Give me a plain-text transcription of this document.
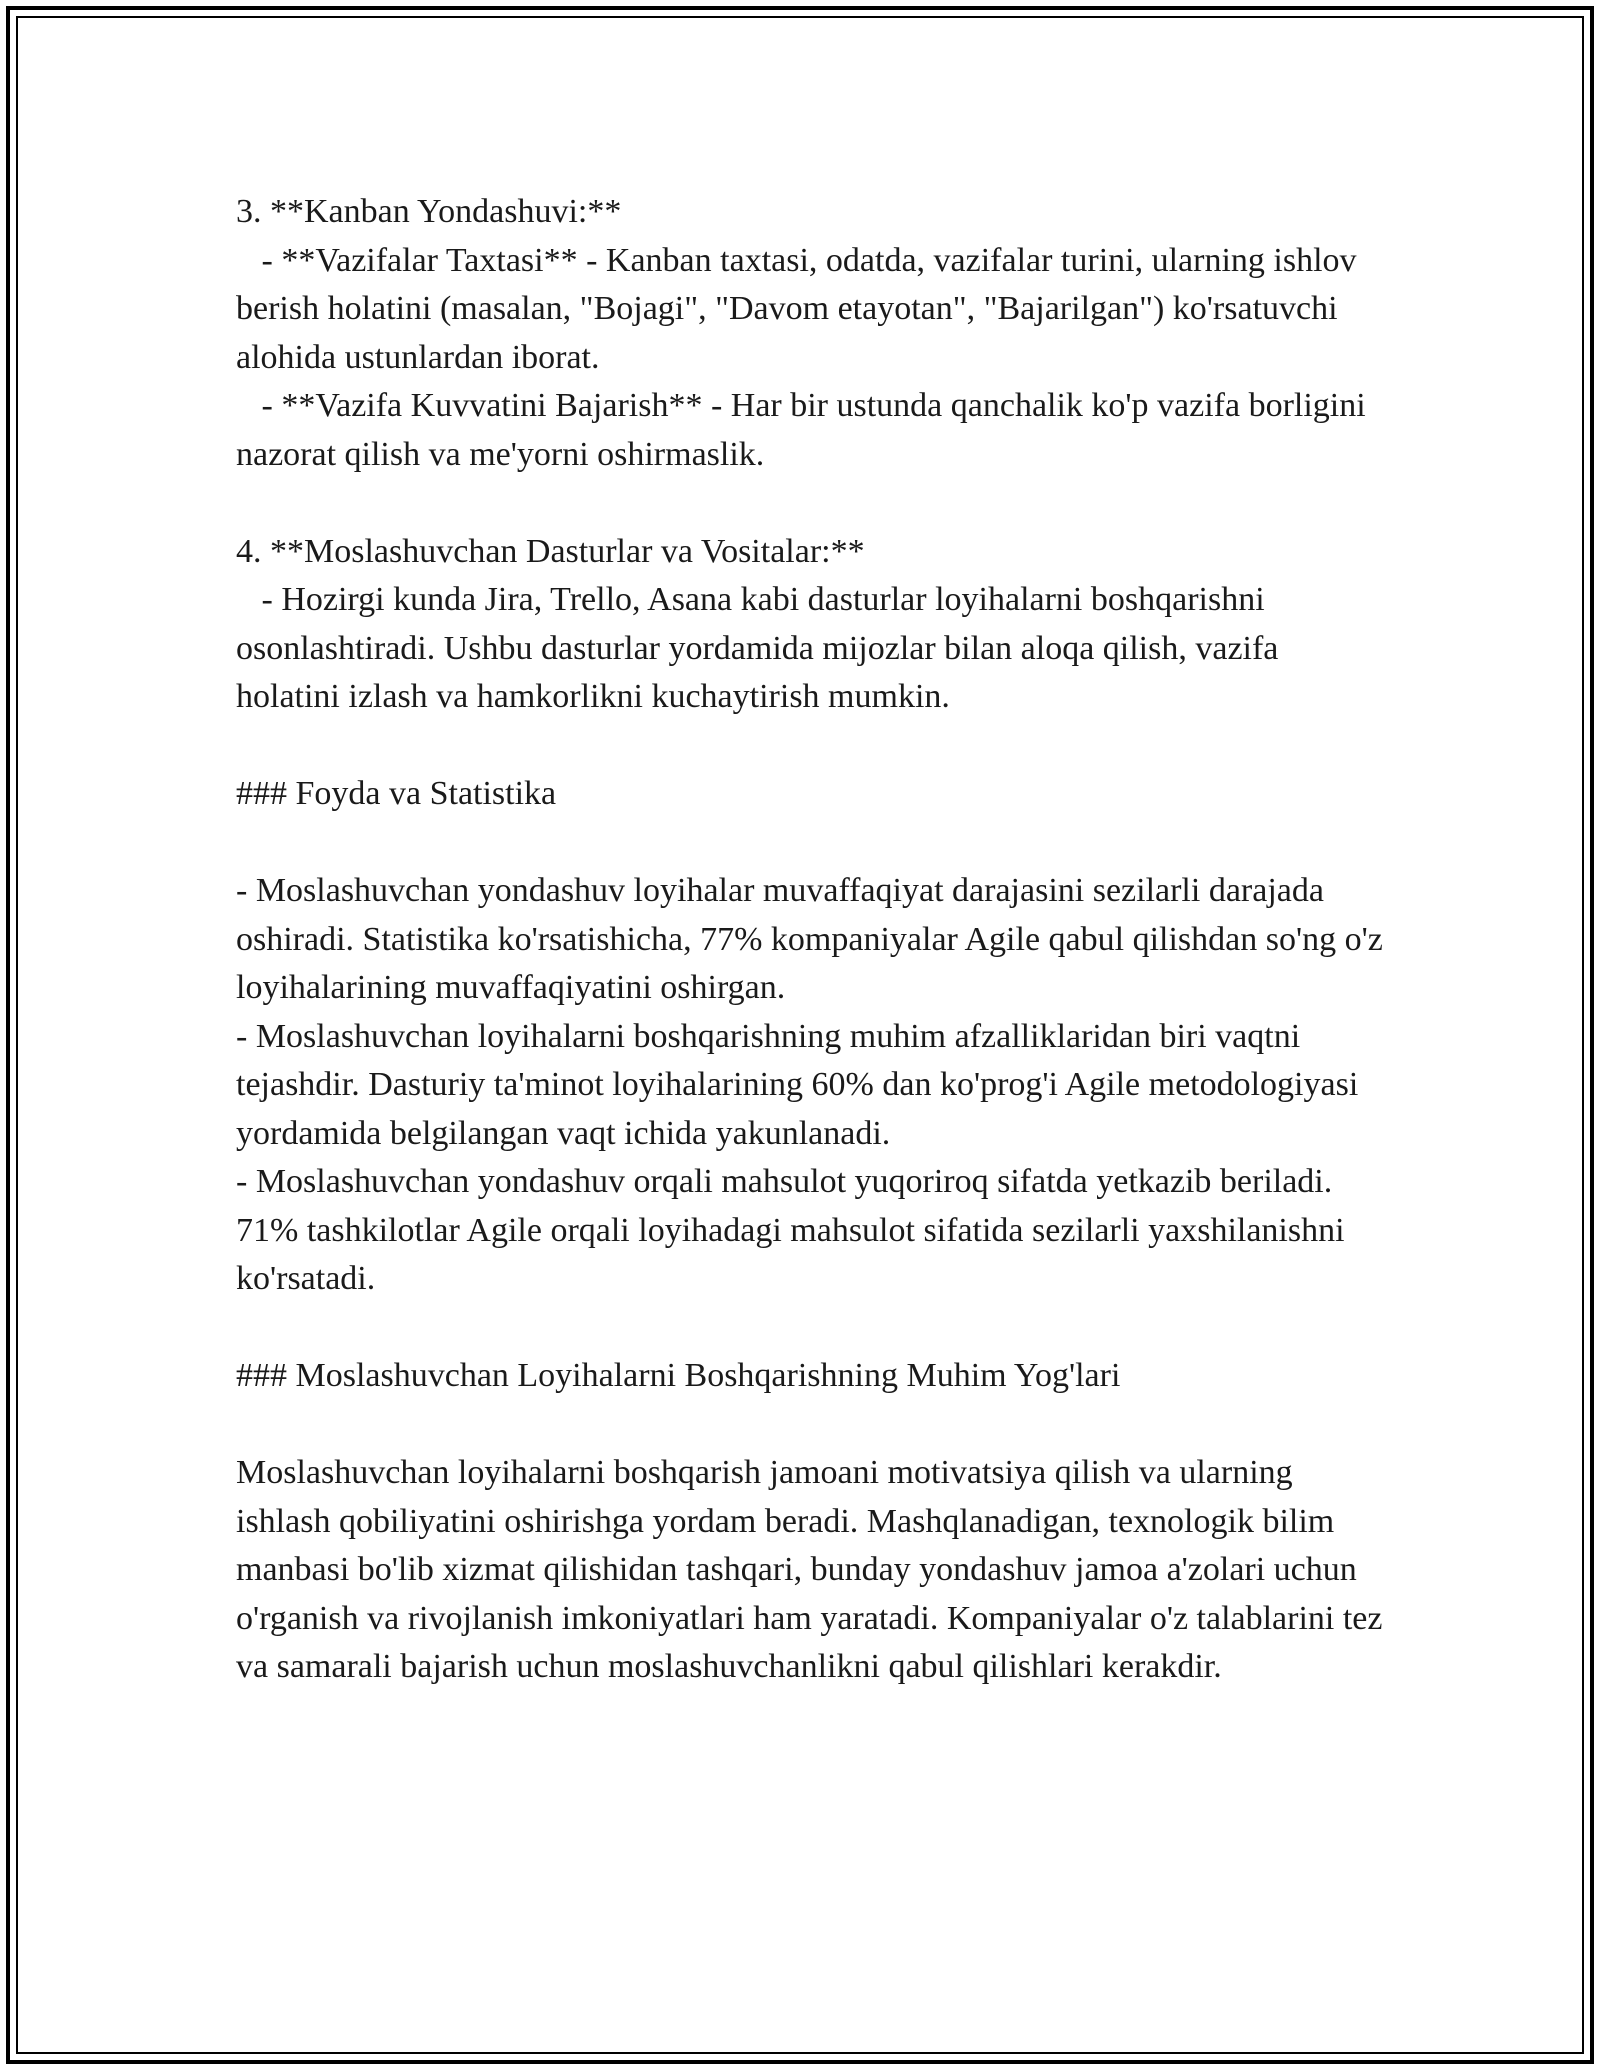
3. **Kanban Yondashuvi:**

- **Vazifalar Taxtasi** - Kanban taxtasi, odatda, vazifalar turini, ularning ishlov berish holatini (masalan, "Bojagi", "Davom etayotan", "Bajarilgan") ko'rsatuvchi alohida ustunlardan iborat.

- **Vazifa Kuvvatini Bajarish** - Har bir ustunda qanchalik ko'p vazifa borligini nazorat qilish va me'yorni oshirmaslik.

4. **Moslashuvchan Dasturlar va Vositalar:**

- Hozirgi kunda Jira, Trello, Asana kabi dasturlar loyihalarni boshqarishni osonlashtiradi. Ushbu dasturlar yordamida mijozlar bilan aloqa qilish, vazifa holatini izlash va hamkorlikni kuchaytirish mumkin.

### Foyda va Statistika

- Moslashuvchan yondashuv loyihalar muvaffaqiyat darajasini sezilarli darajada oshiradi. Statistika ko'rsatishicha, 77% kompaniyalar Agile qabul qilishdan so'ng o'z loyihalarining muvaffaqiyatini oshirgan.

- Moslashuvchan loyihalarni boshqarishning muhim afzalliklaridan biri vaqtni tejashdir. Dasturiy ta'minot loyihalarining 60% dan ko'prog'i Agile metodologiyasi yordamida belgilangan vaqt ichida yakunlanadi.

- Moslashuvchan yondashuv orqali mahsulot yuqoriroq sifatda yetkazib beriladi. 71% tashkilotlar Agile orqali loyihadagi mahsulot sifatida sezilarli yaxshilanishni ko'rsatadi.

### Moslashuvchan Loyihalarni Boshqarishning Muhim Yog'lari

Moslashuvchan loyihalarni boshqarish jamoani motivatsiya qilish va ularning ishlash qobiliyatini oshirishga yordam beradi. Mashqlanadigan, texnologik bilim manbasi bo'lib xizmat qilishidan tashqari, bunday yondashuv jamoa a'zolari uchun o'rganish va rivojlanish imkoniyatlari ham yaratadi. Kompaniyalar o'z talablarini tez va samarali bajarish uchun moslashuvchanlikni qabul qilishlari kerakdir.
